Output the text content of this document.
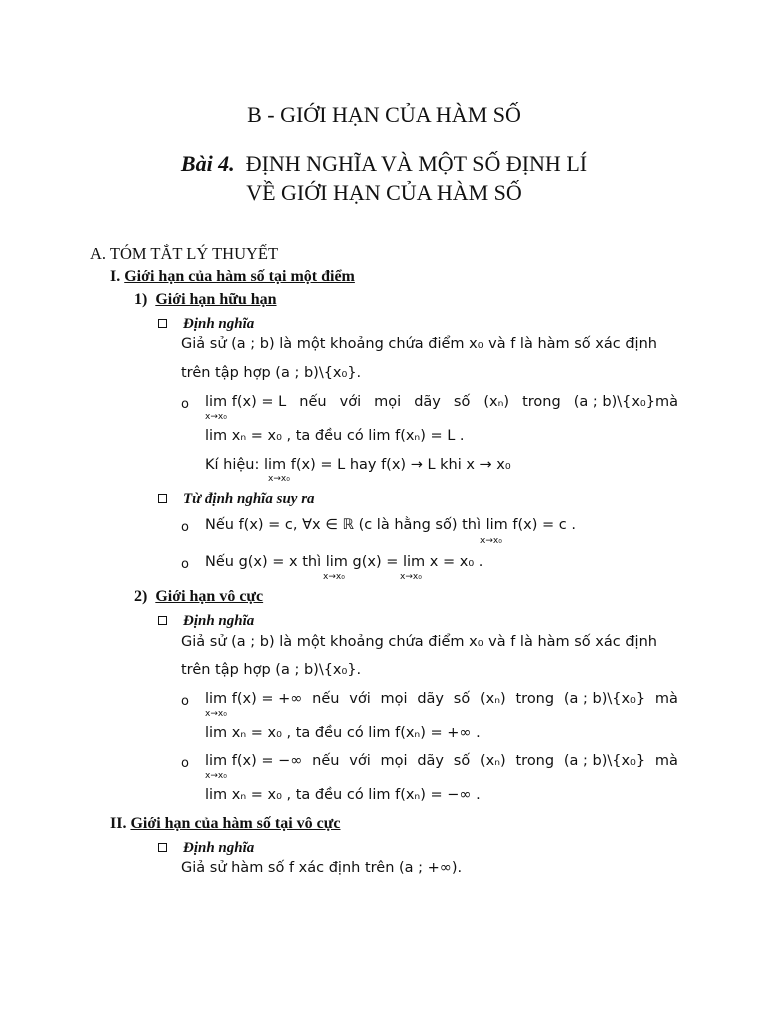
B - GIỚI HẠN CỦA HÀM SỐ
Bài 4. ĐỊNH NGHĨA VÀ MỘT SỐ ĐỊNH LÍ
VỀ GIỚI HẠN CỦA HÀM SỐ
A. TÓM TẮT LÝ THUYẾT
I. Giới hạn của hàm số tại một điểm
1) Giới hạn hữu hạn
Định nghĩa
Giả sử (a ; b) là một khoảng chứa điểm x₀ và f là hàm số xác định
trên tập hợp (a ; b)\{x₀}.
o lim f(x) = L nếu với mọi dãy số (xₙ) trong (a ; b)\{x₀}mà
x→x₀
lim xₙ = x₀ , ta đều có lim f(xₙ) = L .
Kí hiệu: lim f(x) = L hay f(x) → L khi x → x₀
x→x₀
Từ định nghĩa suy ra
o Nếu f(x) = c, ∀x ∈ ℝ (c là hằng số) thì lim f(x) = c .
x→x₀
o Nếu g(x) = x thì lim g(x) = lim x = x₀ .
x→x₀	x→x₀
2) Giới hạn vô cực
Định nghĩa
Giả sử (a ; b) là một khoảng chứa điểm x₀ và f là hàm số xác định
trên tập hợp (a ; b)\{x₀}.
o lim f(x) = +∞ nếu với mọi dãy số (xₙ) trong (a ; b)\{x₀} mà
x→x₀
lim xₙ = x₀ , ta đều có lim f(xₙ) = +∞ .
o lim f(x) = −∞ nếu với mọi dãy số (xₙ) trong (a ; b)\{x₀} mà
x→x₀
lim xₙ = x₀ , ta đều có lim f(xₙ) = −∞ .
II. Giới hạn của hàm số tại vô cực
Định nghĩa
Giả sử hàm số f xác định trên (a ; +∞).
